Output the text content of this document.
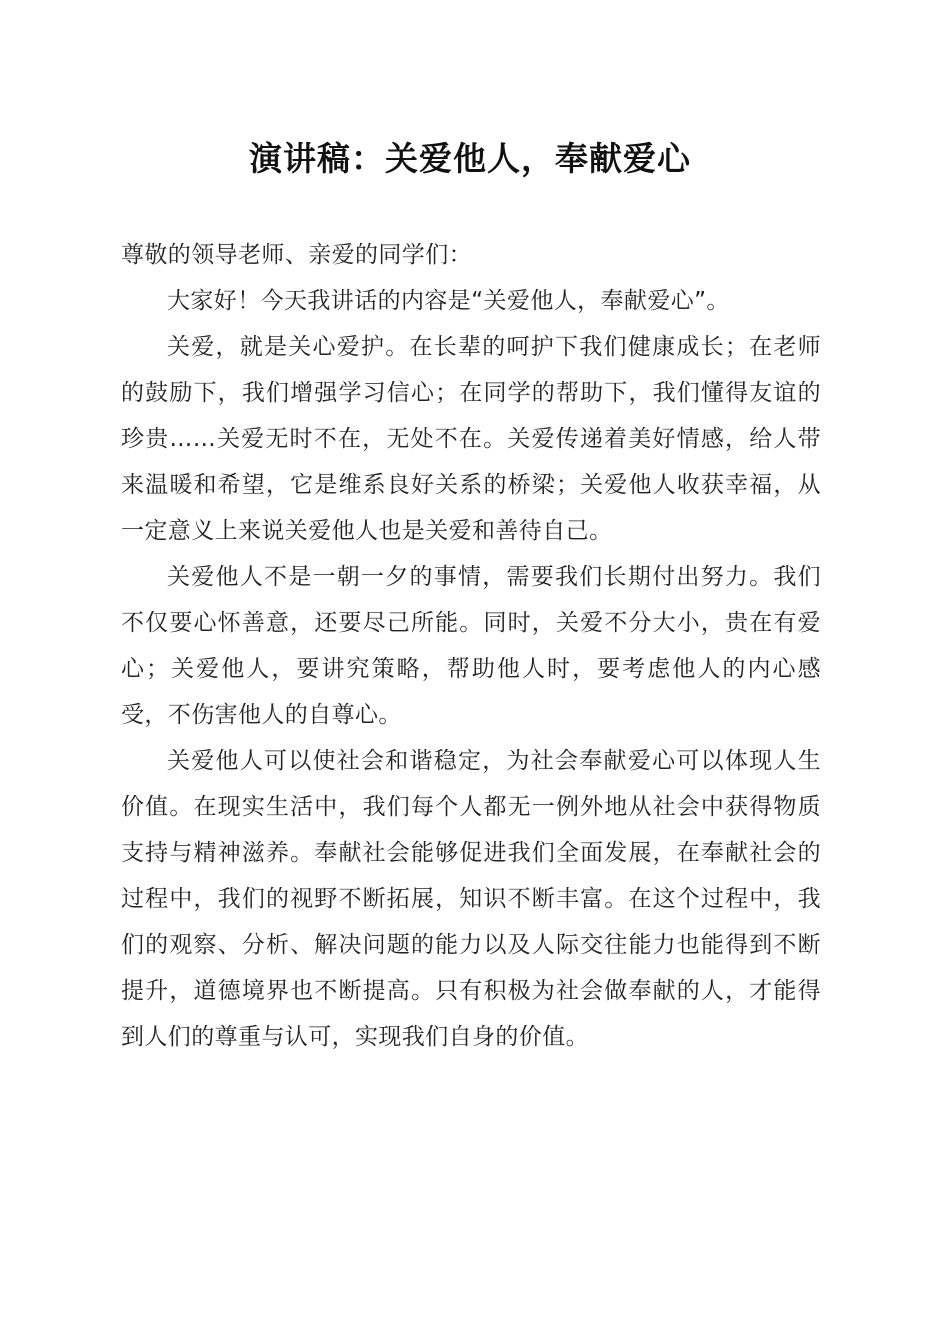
演讲稿：关爱他人，奉献爱心

尊敬的领导老师、亲爱的同学们：

大家好！今天我讲话的内容是“关爱他人，奉献爱心”。

关爱，就是关心爱护。在长辈的呵护下我们健康成长；在老师的鼓励下，我们增强学习信心；在同学的帮助下，我们懂得友谊的珍贵……关爱无时不在，无处不在。关爱传递着美好情感，给人带来温暖和希望，它是维系良好关系的桥梁；关爱他人收获幸福，从一定意义上来说关爱他人也是关爱和善待自己。

关爱他人不是一朝一夕的事情，需要我们长期付出努力。我们不仅要心怀善意，还要尽己所能。同时，关爱不分大小，贵在有爱心；关爱他人，要讲究策略，帮助他人时，要考虑他人的内心感受，不伤害他人的自尊心。

关爱他人可以使社会和谐稳定，为社会奉献爱心可以体现人生价值。在现实生活中，我们每个人都无一例外地从社会中获得物质支持与精神滋养。奉献社会能够促进我们全面发展，在奉献社会的过程中，我们的视野不断拓展，知识不断丰富。在这个过程中，我们的观察、分析、解决问题的能力以及人际交往能力也能得到不断提升，道德境界也不断提高。只有积极为社会做奉献的人，才能得到人们的尊重与认可，实现我们自身的价值。
